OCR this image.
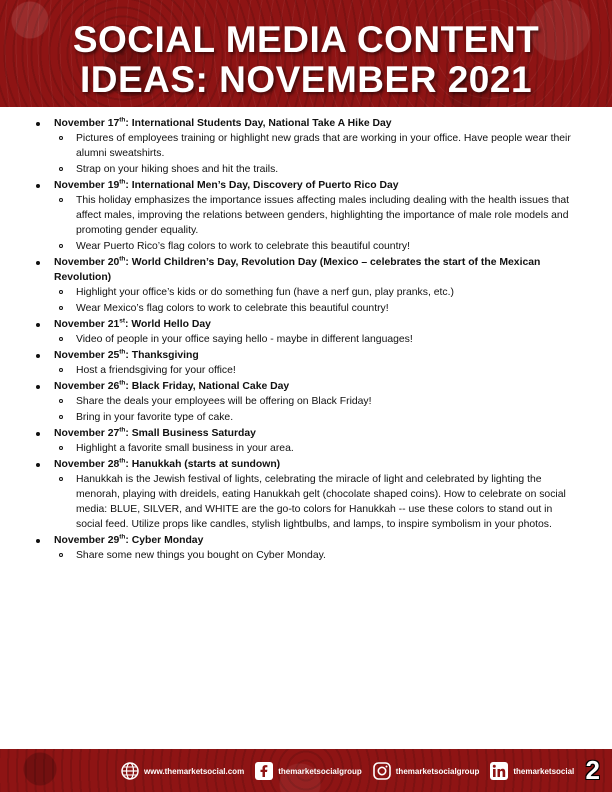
SOCIAL MEDIA CONTENT
IDEAS: NOVEMBER 2021

November 17th: International Students Day, National Take A Hike Day

Pictures of employees training or highlight new grads that are working in your office. Have people wear their alumni sweatshirts.

Strap on your hiking shoes and hit the trails.

November 19th: International Men’s Day, Discovery of Puerto Rico Day

This holiday emphasizes the importance issues affecting males including dealing with the health issues that affect males, improving the relations between genders, highlighting the importance of male role models and promoting gender equality.

Wear Puerto Rico’s flag colors to work to celebrate this beautiful country!

November 20th: World Children’s Day, Revolution Day (Mexico – celebrates the start of the Mexican Revolution)

Highlight your office’s kids or do something fun (have a nerf gun, play pranks, etc.)

Wear Mexico’s flag colors to work to celebrate this beautiful country!

November 21st: World Hello Day

Video of people in your office saying hello - maybe in different languages!

November 25th: Thanksgiving

Host a friendsgiving for your office!

November 26th: Black Friday, National Cake Day

Share the deals your employees will be offering on Black Friday!

Bring in your favorite type of cake.

November 27th: Small Business Saturday

Highlight a favorite small business in your area.

November 28th: Hanukkah (starts at sundown)

Hanukkah is the Jewish festival of lights, celebrating the miracle of light and celebrated by lighting the menorah, playing with dreidels, eating Hanukkah gelt (chocolate shaped coins). How to celebrate on social media: BLUE, SILVER, and WHITE are the go-to colors for Hanukkah -- use these colors to stand out in social feed. Utilize props like candles, stylish lightbulbs, and lamps, to inspire symbolism in your photos.

November 29th: Cyber Monday

Share some new things you bought on Cyber Monday.

www.themarketsocial.com	themarketsocialgroup	themarketsocialgroup	themarketsocial 2
